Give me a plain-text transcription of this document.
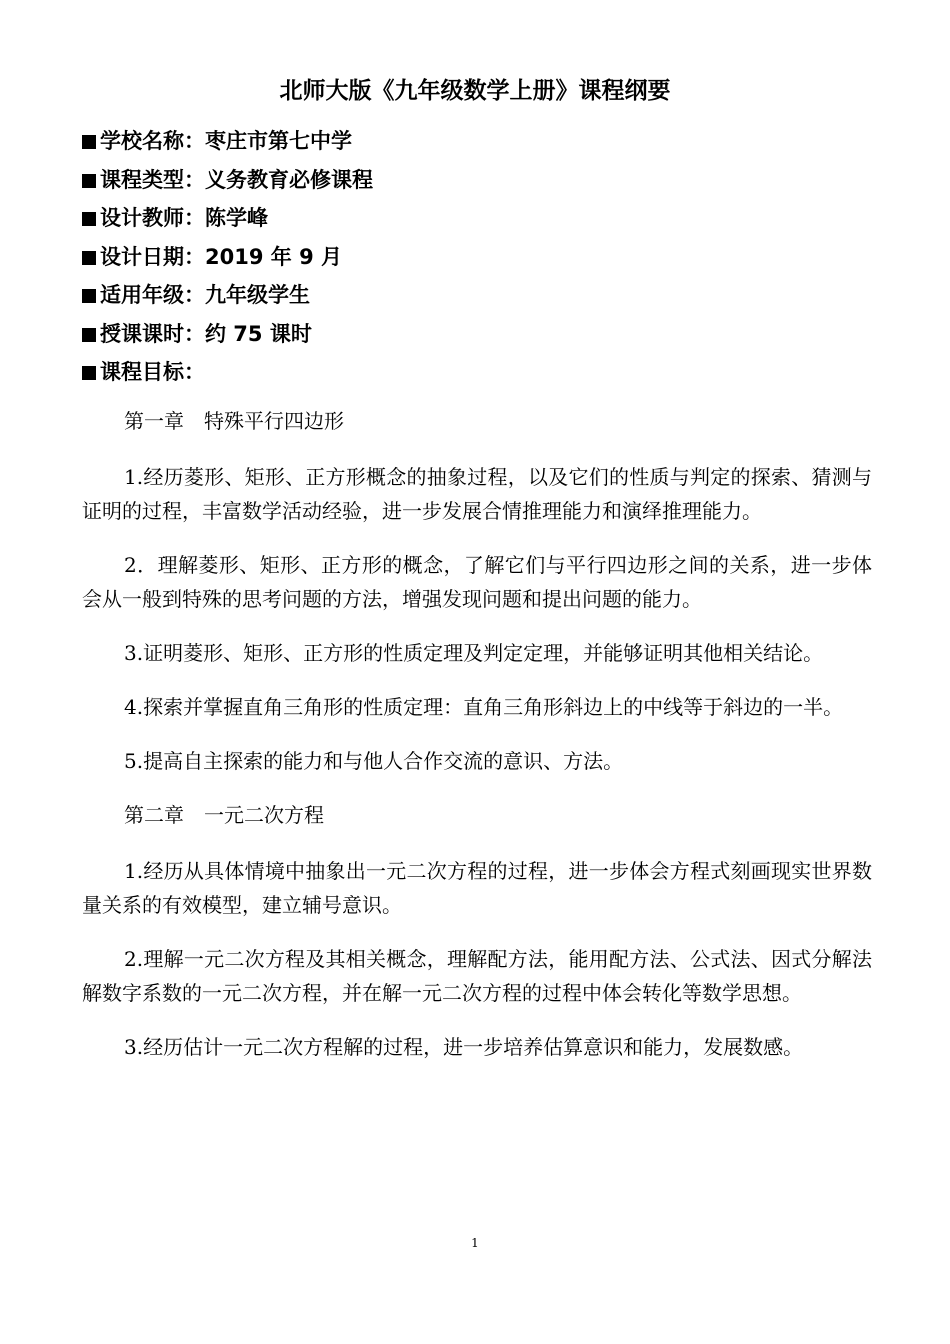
北师大版《九年级数学上册》课程纲要
学校名称：枣庄市第七中学
课程类型：义务教育必修课程
设计教师：陈学峰
设计日期：2019 年 9 月
适用年级：九年级学生
授课课时：约 75 课时
课程目标：

第一章　特殊平行四边形

1.经历菱形、矩形、正方形概念的抽象过程，以及它们的性质与判定的探索、猜测与证明的过程，丰富数学活动经验，进一步发展合情推理能力和演绎推理能力。

2．理解菱形、矩形、正方形的概念，了解它们与平行四边形之间的关系，进一步体会从一般到特殊的思考问题的方法，增强发现问题和提出问题的能力。

3.证明菱形、矩形、正方形的性质定理及判定定理，并能够证明其他相关结论。

4.探索并掌握直角三角形的性质定理：直角三角形斜边上的中线等于斜边的一半。

5.提高自主探索的能力和与他人合作交流的意识、方法。

第二章　一元二次方程

1.经历从具体情境中抽象出一元二次方程的过程，进一步体会方程式刻画现实世界数量关系的有效模型，建立辅号意识。

2.理解一元二次方程及其相关概念，理解配方法，能用配方法、公式法、因式分解法解数字系数的一元二次方程，并在解一元二次方程的过程中体会转化等数学思想。

3.经历估计一元二次方程解的过程，进一步培养估算意识和能力，发展数感。

1
